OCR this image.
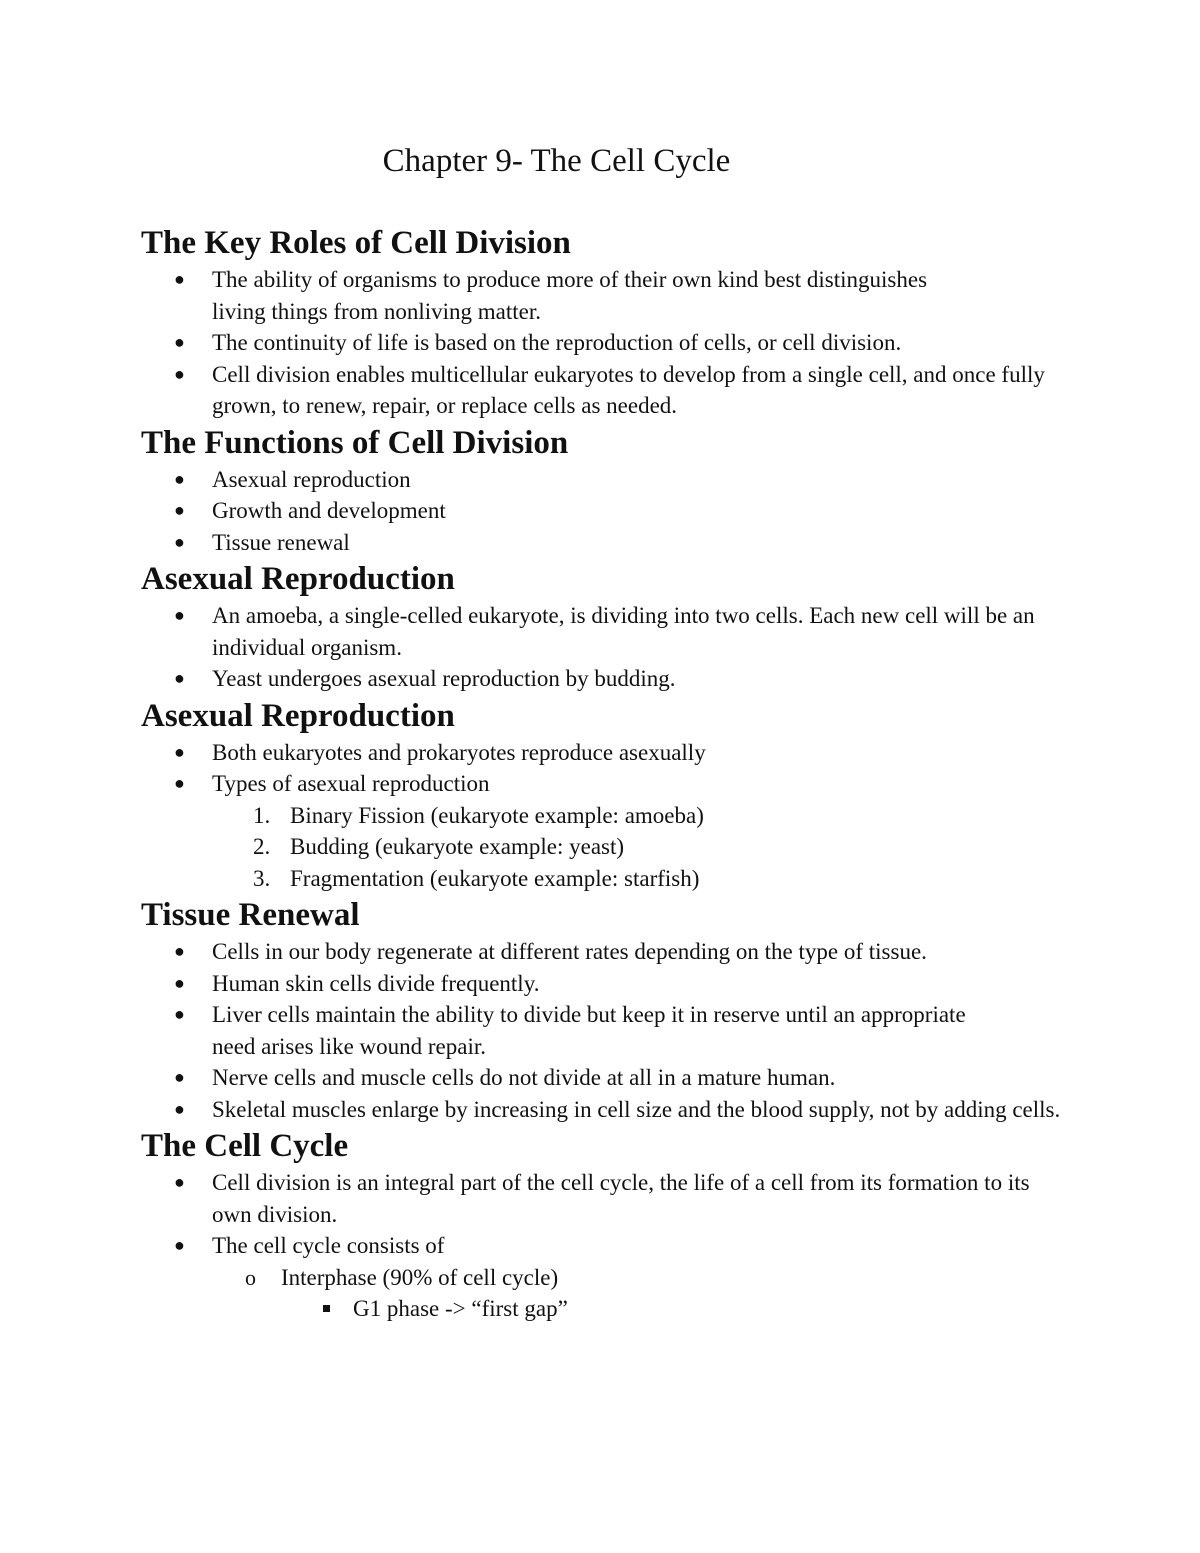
Chapter 9- The Cell Cycle
The Key Roles of Cell Division
● The ability of organisms to produce more of their own kind best distinguishes living things from nonliving matter.
● The continuity of life is based on the reproduction of cells, or cell division.
● Cell division enables multicellular eukaryotes to develop from a single cell, and once fully grown, to renew, repair, or replace cells as needed.
The Functions of Cell Division
● Asexual reproduction
● Growth and development
● Tissue renewal
Asexual Reproduction
● An amoeba, a single-celled eukaryote, is dividing into two cells. Each new cell will be an individual organism.
● Yeast undergoes asexual reproduction by budding.
Asexual Reproduction
● Both eukaryotes and prokaryotes reproduce asexually
● Types of asexual reproduction
1. Binary Fission (eukaryote example: amoeba)
2. Budding (eukaryote example: yeast)
3. Fragmentation (eukaryote example: starfish)
Tissue Renewal
● Cells in our body regenerate at different rates depending on the type of tissue.
● Human skin cells divide frequently.
● Liver cells maintain the ability to divide but keep it in reserve until an appropriate need arises like wound repair.
● Nerve cells and muscle cells do not divide at all in a mature human.
● Skeletal muscles enlarge by increasing in cell size and the blood supply, not by adding cells.
The Cell Cycle
● Cell division is an integral part of the cell cycle, the life of a cell from its formation to its own division.
● The cell cycle consists of
o Interphase (90% of cell cycle)
G1 phase -> “first gap”
